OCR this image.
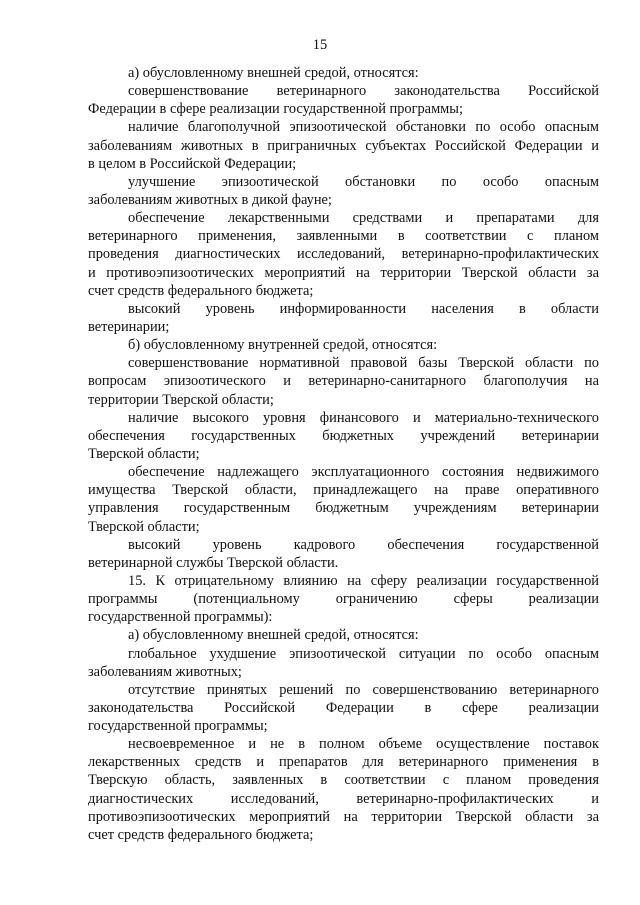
15
а) обусловленному внешней средой, относятся:
совершенствование ветеринарного законодательства Российской
Федерации в сфере реализации государственной программы;
наличие благополучной эпизоотической обстановки по особо опасным
заболеваниям животных в приграничных субъектах Российской Федерации и
в целом в Российской Федерации;
улучшение эпизоотической обстановки по особо опасным
заболеваниям животных в дикой фауне;
обеспечение лекарственными средствами и препаратами для
ветеринарного применения, заявленными в соответствии с планом
проведения диагностических исследований, ветеринарно-профилактических
и противоэпизоотических мероприятий на территории Тверской области за
счет средств федерального бюджета;
высокий уровень информированности населения в области
ветеринарии;
б) обусловленному внутренней средой, относятся:
совершенствование нормативной правовой базы Тверской области по
вопросам эпизоотического и ветеринарно-санитарного благополучия на
территории Тверской области;
наличие высокого уровня финансового и материально-технического
обеспечения государственных бюджетных учреждений ветеринарии
Тверской области;
обеспечение надлежащего эксплуатационного состояния недвижимого
имущества Тверской области, принадлежащего на праве оперативного
управления государственным бюджетным учреждениям ветеринарии
Тверской области;
высокий уровень кадрового обеспечения государственной
ветеринарной службы Тверской области.
15. К отрицательному влиянию на сферу реализации государственной
программы (потенциальному ограничению сферы реализации
государственной программы):
а) обусловленному внешней средой, относятся:
глобальное ухудшение эпизоотической ситуации по особо опасным
заболеваниям животных;
отсутствие принятых решений по совершенствованию ветеринарного
законодательства Российской Федерации в сфере реализации
государственной программы;
несвоевременное и не в полном объеме осуществление поставок
лекарственных средств и препаратов для ветеринарного применения в
Тверскую область, заявленных в соответствии с планом проведения
диагностических исследований, ветеринарно-профилактических и
противоэпизоотических мероприятий на территории Тверской области за
счет средств федерального бюджета;
